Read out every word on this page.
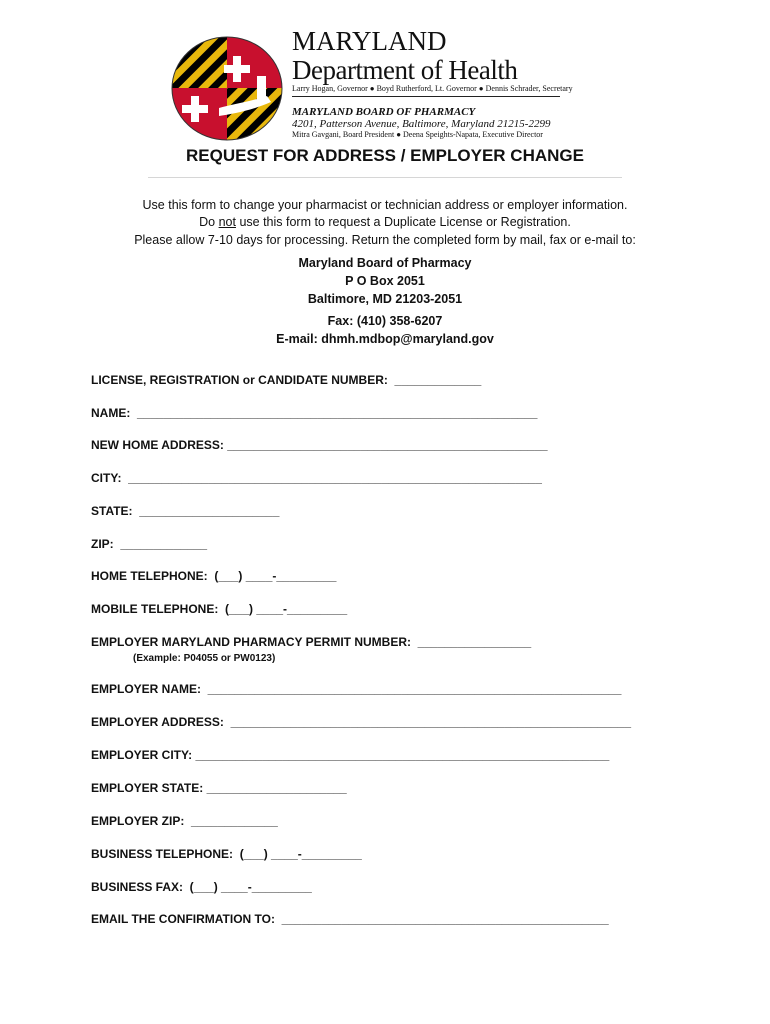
MARYLAND
Department of Health
Larry Hogan, Governor ● Boyd Rutherford, Lt. Governor ● Dennis Schrader, Secretary
MARYLAND BOARD OF PHARMACY
4201, Patterson Avenue, Baltimore, Maryland 21215-2299
Mitra Gavgani, Board President ● Deena Speights-Napata, Executive Director
REQUEST FOR ADDRESS / EMPLOYER CHANGE
Use this form to change your pharmacist or technician address or employer information.
Do not use this form to request a Duplicate License or Registration.
Please allow 7-10 days for processing. Return the completed form by mail, fax or e-mail to:
Maryland Board of Pharmacy
P O Box 2051
Baltimore, MD 21203-2051
Fax: (410) 358-6207
E-mail: dhmh.mdbop@maryland.gov
LICENSE, REGISTRATION or CANDIDATE NUMBER:  _____________
NAME:  ____________________________________________________________
NEW HOME ADDRESS: ________________________________________________
CITY:  ______________________________________________________________
STATE:  _____________________
ZIP:  _____________
HOME TELEPHONE:  (___) ____-_________
MOBILE TELEPHONE:  (___) ____-_________
EMPLOYER MARYLAND PHARMACY PERMIT NUMBER:  _________________
(Example: P04055 or PW0123)
EMPLOYER NAME:  ______________________________________________________________
EMPLOYER ADDRESS:  ____________________________________________________________
EMPLOYER CITY: ______________________________________________________________
EMPLOYER STATE: _____________________
EMPLOYER ZIP:  _____________
BUSINESS TELEPHONE:  (___) ____-_________
BUSINESS FAX:  (___) ____-_________
EMAIL THE CONFIRMATION TO:  _________________________________________________
